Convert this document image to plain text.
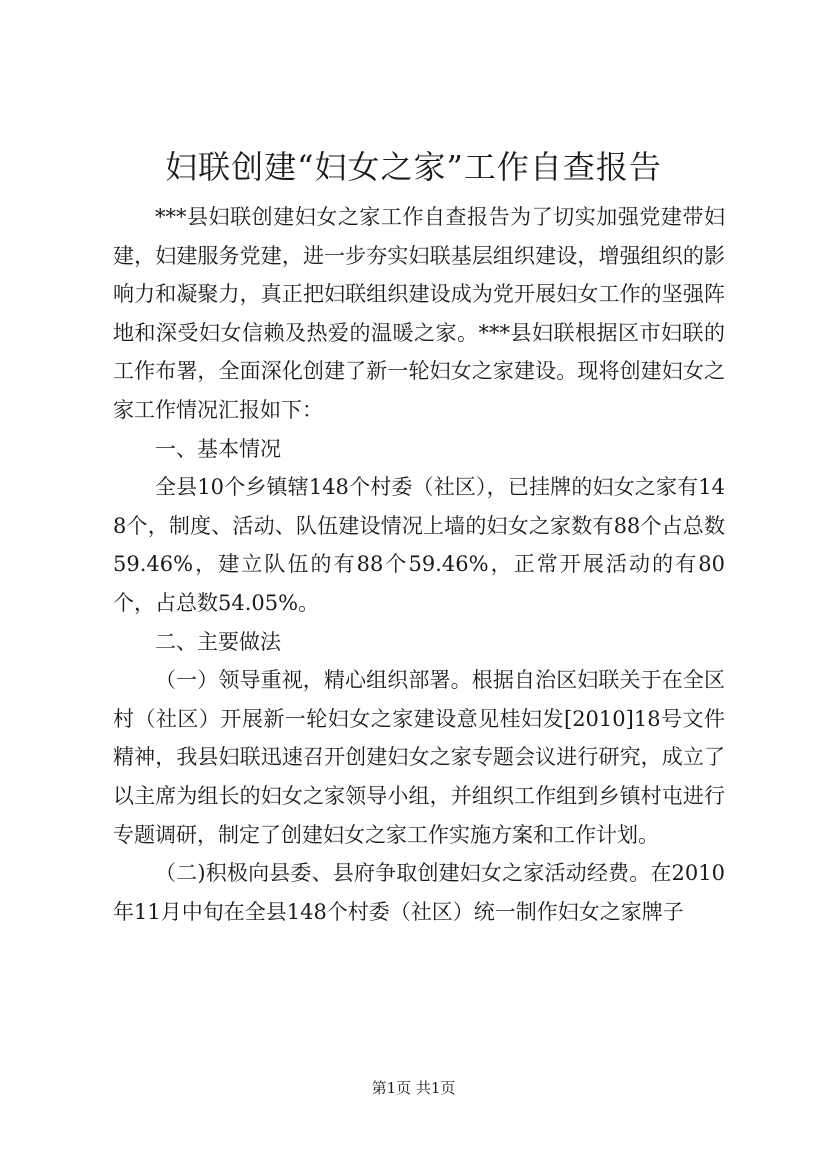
妇联创建“妇女之家”工作自查报告

***县妇联创建妇女之家工作自查报告为了切实加强党建带妇建，妇建服务党建，进一步夯实妇联基层组织建设，增强组织的影响力和凝聚力，真正把妇联组织建设成为党开展妇女工作的坚强阵地和深受妇女信赖及热爱的温暖之家。***县妇联根据区市妇联的工作布署，全面深化创建了新一轮妇女之家建设。现将创建妇女之家工作情况汇报如下：

一、基本情况

全县10个乡镇辖148个村委（社区），已挂牌的妇女之家有148个，制度、活动、队伍建设情况上墙的妇女之家数有88个占总数59.46%，建立队伍的有88个59.46%，正常开展活动的有80个，占总数54.05%。

二、主要做法

（一）领导重视，精心组织部署。根据自治区妇联关于在全区村（社区）开展新一轮妇女之家建设意见桂妇发[2010]18号文件精神，我县妇联迅速召开创建妇女之家专题会议进行研究，成立了以主席为组长的妇女之家领导小组，并组织工作组到乡镇村屯进行专题调研，制定了创建妇女之家工作实施方案和工作计划。

（二)积极向县委、县府争取创建妇女之家活动经费。在2010年11月中旬在全县148个村委（社区）统一制作妇女之家牌子

第1页 共1页
